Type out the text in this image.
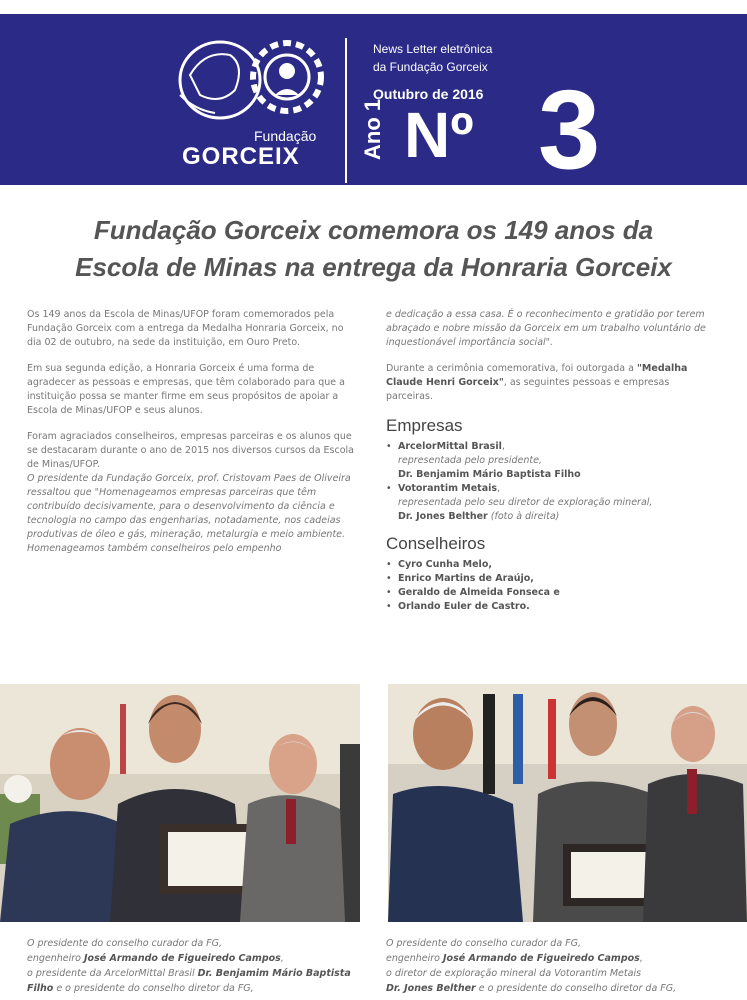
Fundação
GORCEIX
News Letter eletrônica
da Fundação Gorceix
Outubro de 2016
Ano 1 Nº 3
Fundação Gorceix comemora os 149 anos da
Escola de Minas na entrega da Honraria Gorceix

Os 149 anos da Escola de Minas/UFOP foram comemorados pela Fundação Gorceix com a entrega da Medalha Honraria Gorceix, no dia 02 de outubro, na sede da instituição, em Ouro Preto.

Em sua segunda edição, a Honraria Gorceix é uma forma de agradecer as pessoas e empresas, que têm colaborado para que a instituição possa se manter firme em seus propósitos de apoiar a Escola de Minas/UFOP e seus alunos.

Foram agraciados conselheiros, empresas parceiras e os alunos que se destacaram durante o ano de 2015 nos diversos cursos da Escola de Minas/UFOP.
O presidente da Fundação Gorceix, prof. Cristovam Paes de Oliveira ressaltou que "Homenageamos empresas parceiras que têm contribuído decisivamente, para o desenvolvimento da ciência e tecnologia no campo das engenharias, notadamente, nos cadeias produtivas de óleo e gás, mineração, metalurgia e meio ambiente. Homenageamos também conselheiros pelo empenho

e dedicação a essa casa. É o reconhecimento e gratidão por terem abraçado e nobre missão da Gorceix em um trabalho voluntário de inquestionável importância social".

Durante a cerimônia comemorativa, foi outorgada a "Medalha Claude Henri Gorceix", as seguintes pessoas e empresas parceiras.

Empresas
• ArcelorMittal Brasil,
representada pelo presidente,
Dr. Benjamim Mário Baptista Filho
• Votorantim Metais,
representada pelo seu diretor de exploração mineral,
Dr. Jones Belther (foto à direita)
Conselheiros
• Cyro Cunha Melo,
• Enrico Martins de Araújo,
• Geraldo de Almeida Fonseca e
• Orlando Euler de Castro.
O presidente do conselho curador da FG,
engenheiro José Armando de Figueiredo Campos,
o presidente da ArcelorMittal Brasil Dr. Benjamim Mário Baptista Filho e o presidente do conselho diretor da FG,
O presidente do conselho curador da FG,
engenheiro José Armando de Figueiredo Campos,
o diretor de exploração mineral da Votorantim Metais
Dr. Jones Belther e o presidente do conselho diretor da FG,
